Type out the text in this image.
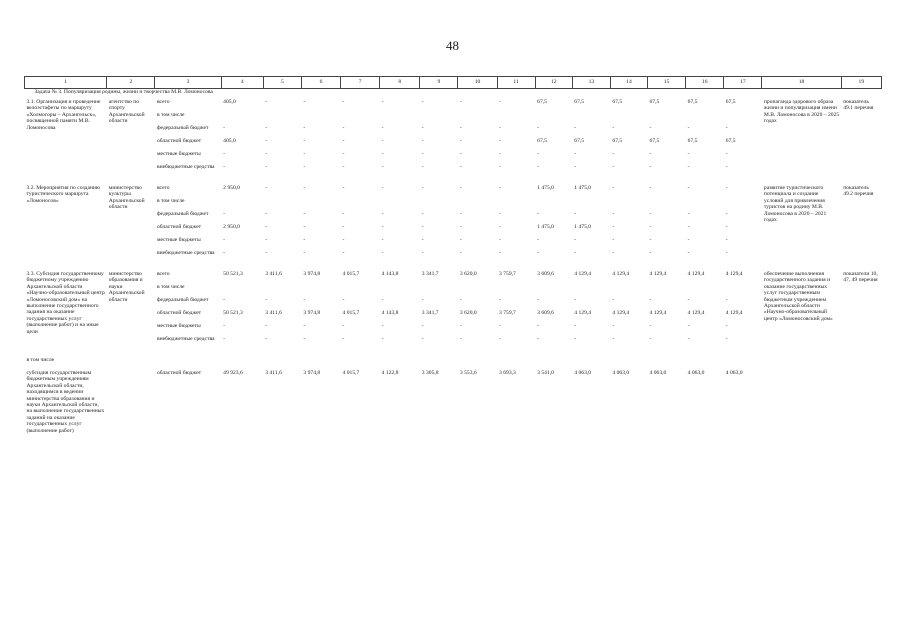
48
1	2	3	4	5	6	7	8	9	10	11	12	13	14	15	16	17	18	19
Задача № 3. Популяризация родины, жизни и творчества М.В. Ломоносова																		
3.1. Организация и проведение велоэстафеты по маршруту «Холмогоры – Архангельск», посвященной памяти М.В. Ломоносова	агентство по спорту Архангельской области	всего	405,0	-	-	-	-	-	-	-	67,5	67,5	67,5	67,5	67,5	67,5	пропаганда здорового образа жизни и популяризация имени М.В. Ломоносова в 2020 – 2025 годах	показатель 49.1 перечня
		в том числе																
		федеральный бюджет	-	-	-	-	-	-	-	-	-	-	-	-	-	-		
		областной бюджет	405,0	-	-	-	-	-	-	-	67,5	67,5	67,5	67,5	67,5	67,5		
		местные бюджеты	-	-	-	-	-	-	-	-	-	-	-	-	-	-		
		внебюджетные средства	-	-	-	-	-	-	-	-	-	-	-	-	-	-		

3.2. Мероприятия по созданию туристического маршрута «Ломоносов»	министерство культуры Архангельской области	всего	2 950,0	-	-	-	-	-	-	-	1 475,0	1 475,0	-	-	-	-	развитие туристического потенциала и создание условий для привлечения туристов на родину М.В. Ломоносова в 2020 – 2021 годах	показатель 49.2 перечня
		в том числе																
		федеральный бюджет	-	-	-	-	-	-	-	-	-	-	-	-	-	-		
		областной бюджет	2 950,0	-	-	-	-	-	-	-	1 475,0	1 475,0	-	-	-	-		
		местные бюджеты	-	-	-	-	-	-	-	-	-	-	-	-	-	-		
		внебюджетные средства	-	-	-	-	-	-	-	-	-	-	-	-	-	-		

3.3. Субсидия государственному бюджетному учреждению Архангельской области «Научно-образовательный центр «Ломоносовский дом» на выполнение государственного задания на оказание государственных услуг (выполнение работ) и на иные цели	министерство образования и науки Архангельской области	всего	50 521,3	3 411,6	3 974,8	4 015,7	4 143,8	3 341,7	3 620,0	3 759,7	3 609,6	4 129,4	4 129,4	4 129,4	4 129,4	4 129,4	обеспечение выполнения государственного задания и оказание государственных услуг государственным бюджетным учреждением Архангельской области «Научно-образовательный центр «Ломоносовский дом»	показатели 10, 47, 49 перечня
		в том числе																
		федеральный бюджет	-	-	-	-	-	-	-	-	-	-	-	-	-	-		
		областной бюджет	50 521,3	3 411,6	3 974,8	4 015,7	4 143,8	3 341,7	3 620,0	3 759,7	3 609,6	4 129,4	4 129,4	4 129,4	4 129,4	4 129,4		
		местные бюджеты	-	-	-	-	-	-	-	-	-	-	-	-	-	-		
		внебюджетные средства	-	-	-	-	-	-	-	-	-	-	-	-	-	-		

в том числе																		
субсидия государственным бюджетным учреждениям Архангельской области, находящимся в ведении министерства образования и науки Архангельской области, на выполнение государственных заданий на оказание государственных услуг (выполнение работ)		областной бюджет	49 923,6	3 411,6	3 974,8	4 015,7	4 122,8	3 305,8	3 553,6	3 693,3	3 541,0	4 063,0	4 063,0	4 063,0	4 063,0	4 063,0		
